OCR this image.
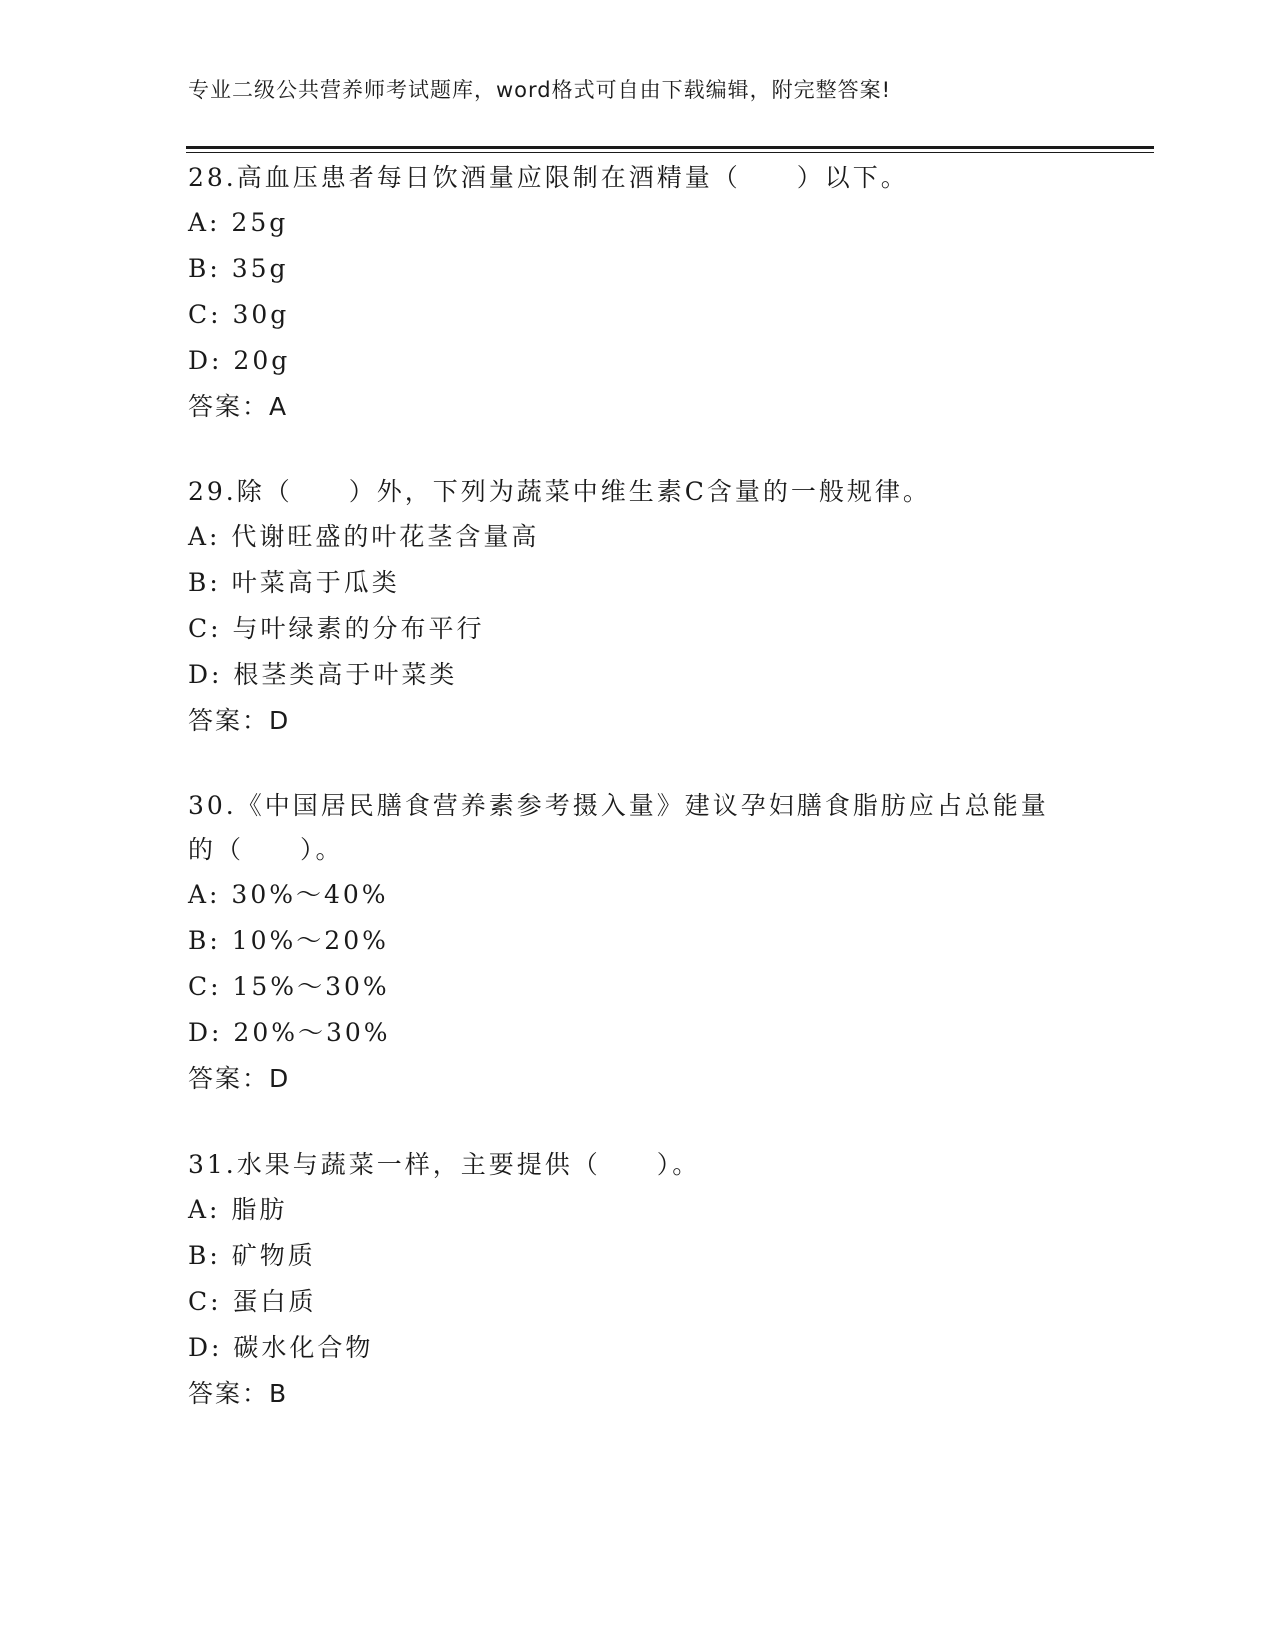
专业二级公共营养师考试题库，word格式可自由下载编辑，附完整答案!
28.高血压患者每日饮酒量应限制在酒精量（　　）以下。
A: 25g
B: 35g
C: 30g
D: 20g
答案：A
29.除（　　）外，下列为蔬菜中维生素C含量的一般规律。
A: 代谢旺盛的叶花茎含量高
B: 叶菜高于瓜类
C: 与叶绿素的分布平行
D: 根茎类高于叶菜类
答案：D
30.《中国居民膳食营养素参考摄入量》建议孕妇膳食脂肪应占总能量
的（　　）。
A: 30%～40%
B: 10%～20%
C: 15%～30%
D: 20%～30%
答案：D
31.水果与蔬菜一样，主要提供（　　）。
A: 脂肪
B: 矿物质
C: 蛋白质
D: 碳水化合物
答案：B
